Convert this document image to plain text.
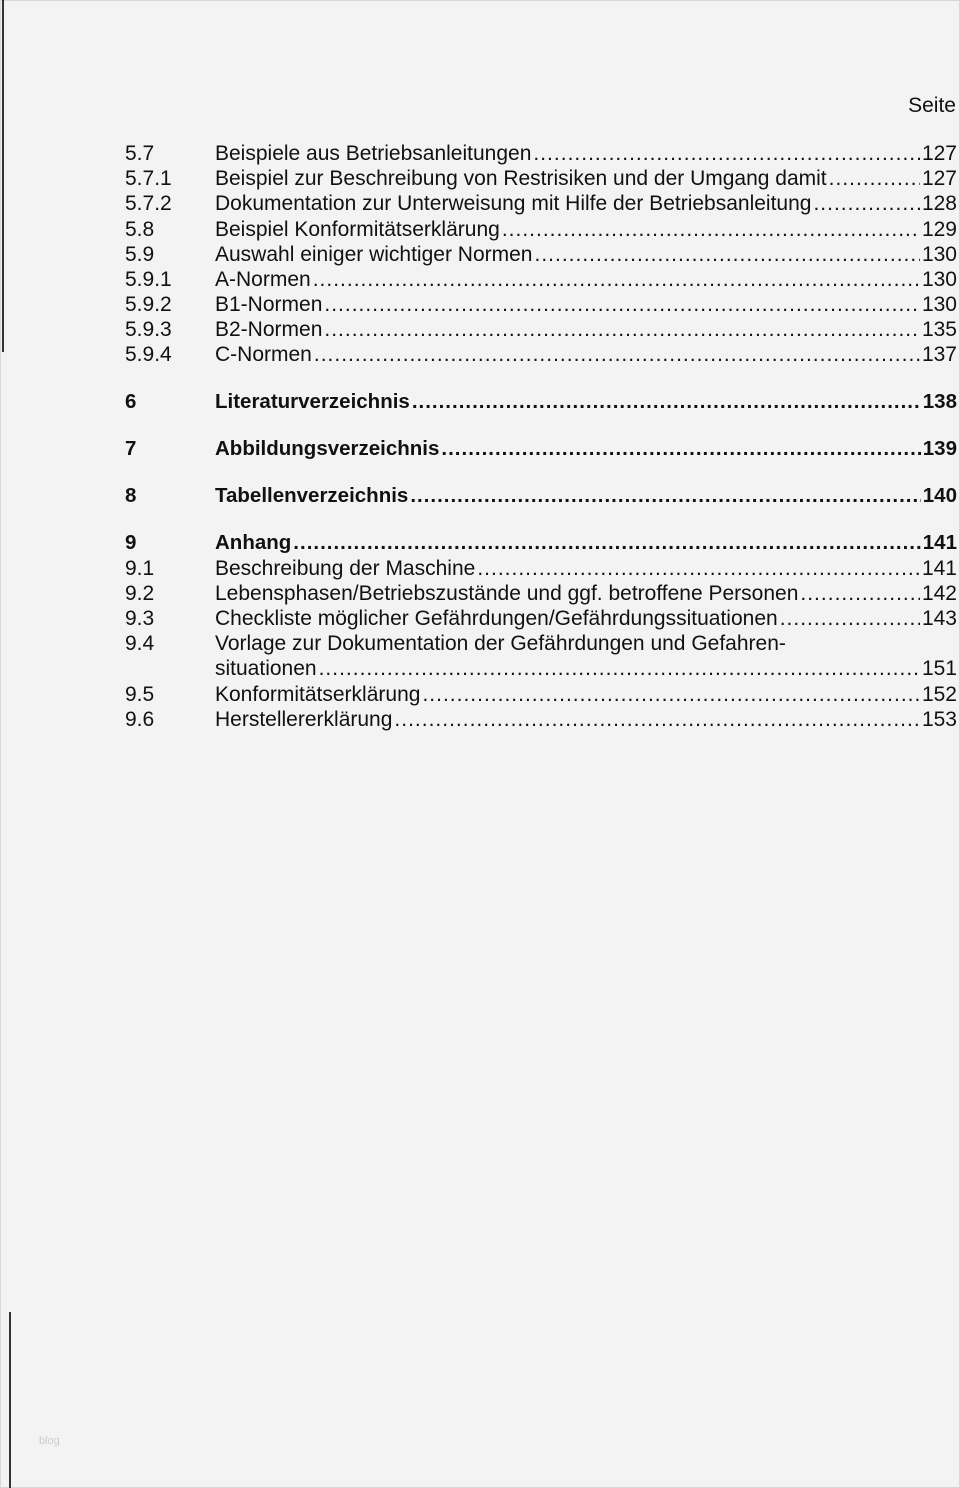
Seite
5.7	Beispiele aus Betriebsanleitungen .....	127
5.7.1	Beispiel zur Beschreibung von Restrisiken und der Umgang damit .....	127
5.7.2	Dokumentation zur Unterweisung mit Hilfe der Betriebsanleitung .....	128
5.8	Beispiel Konformitätserklärung .....	129
5.9	Auswahl einiger wichtiger Normen .....	130
5.9.1	A-Normen .....	130
5.9.2	B1-Normen .....	130
5.9.3	B2-Normen .....	135
5.9.4	C-Normen .....	137
6	Literaturverzeichnis .....	138
7	Abbildungsverzeichnis .....	139
8	Tabellenverzeichnis .....	140
9	Anhang .....	141
9.1	Beschreibung der Maschine .....	141
9.2	Lebensphasen/Betriebszustände und ggf. betroffene Personen .....	142
9.3	Checkliste möglicher Gefährdungen/Gefährdungssituationen .....	143
9.4	Vorlage zur Dokumentation der Gefährdungen und Gefahren-
situationen .....	151
9.5	Konformitätserklärung .....	152
9.6	Herstellererklärung .....	153
blog
